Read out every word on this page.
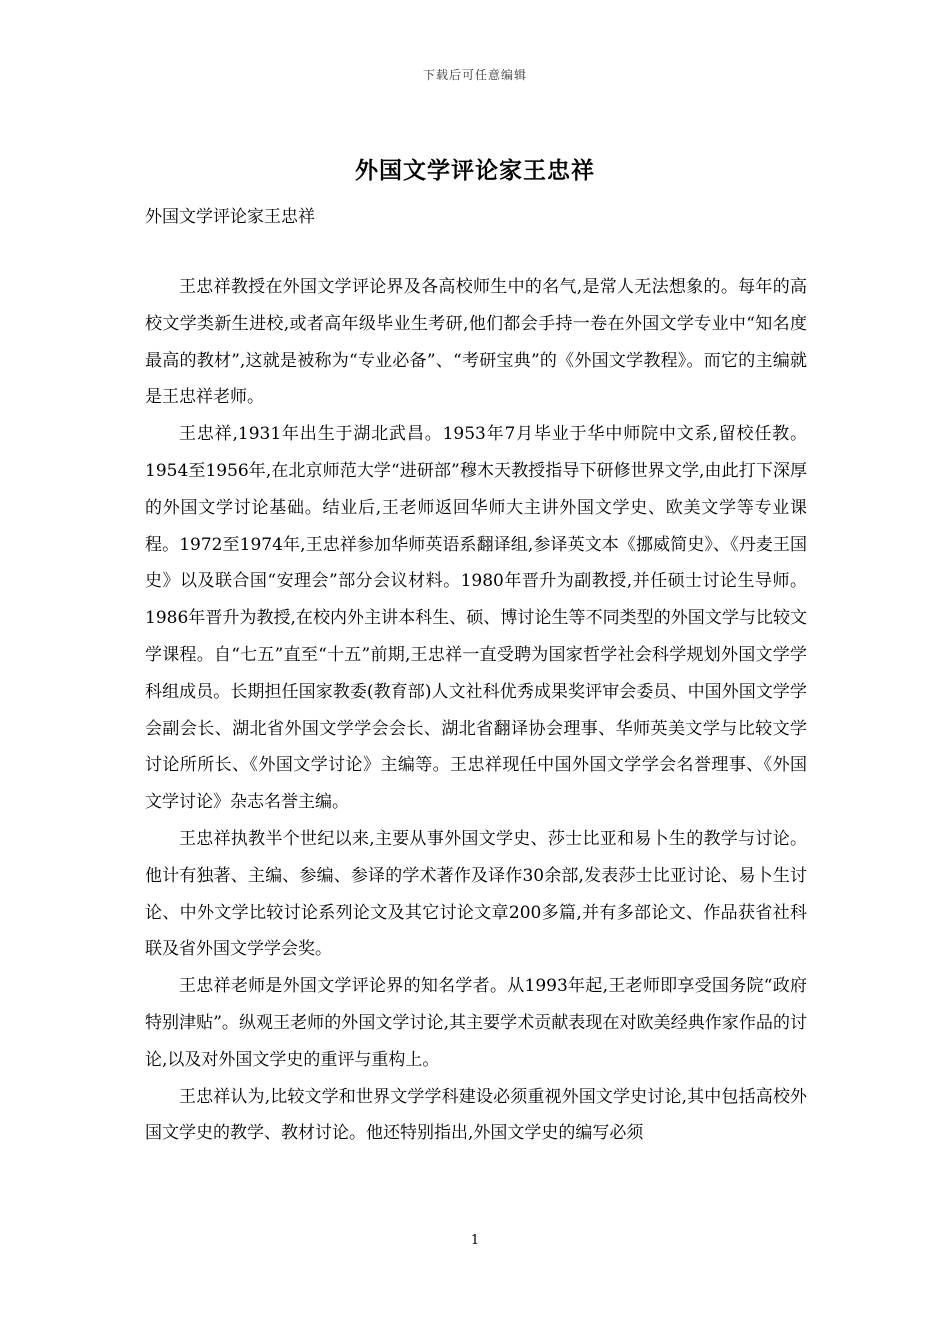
下载后可任意编辑
外国文学评论家王忠祥
外国文学评论家王忠祥

王忠祥教授在外国文学评论界及各高校师生中的名气,是常人无法想象的。每年的高校文学类新生进校,或者高年级毕业生考研,他们都会手持一卷在外国文学专业中“知名度最高的教材”,这就是被称为“专业必备”、“考研宝典”的《外国文学教程》。而它的主编就是王忠祥老师。

王忠祥,1931年出生于湖北武昌。1953年7月毕业于华中师院中文系,留校任教。1954至1956年,在北京师范大学“进研部”穆木天教授指导下研修世界文学,由此打下深厚的外国文学讨论基础。结业后,王老师返回华师大主讲外国文学史、欧美文学等专业课程。1972至1974年,王忠祥参加华师英语系翻译组,参译英文本《挪威简史》、《丹麦王国史》以及联合国“安理会”部分会议材料。1980年晋升为副教授,并任硕士讨论生导师。1986年晋升为教授,在校内外主讲本科生、硕、博讨论生等不同类型的外国文学与比较文学课程。自“七五”直至“十五”前期,王忠祥一直受聘为国家哲学社会科学规划外国文学学科组成员。长期担任国家教委(教育部)人文社科优秀成果奖评审会委员、中国外国文学学会副会长、湖北省外国文学学会会长、湖北省翻译协会理事、华师英美文学与比较文学讨论所所长、《外国文学讨论》主编等。王忠祥现任中国外国文学学会名誉理事、《外国文学讨论》杂志名誉主编。

王忠祥执教半个世纪以来,主要从事外国文学史、莎士比亚和易卜生的教学与讨论。他计有独著、主编、参编、参译的学术著作及译作30余部,发表莎士比亚讨论、易卜生讨论、中外文学比较讨论系列论文及其它讨论文章200多篇,并有多部论文、作品获省社科联及省外国文学学会奖。

王忠祥老师是外国文学评论界的知名学者。从1993年起,王老师即享受国务院“政府特别津贴”。纵观王老师的外国文学讨论,其主要学术贡献表现在对欧美经典作家作品的讨论,以及对外国文学史的重评与重构上。

王忠祥认为,比较文学和世界文学学科建设必须重视外国文学史讨论,其中包括高校外国文学史的教学、教材讨论。他还特别指出,外国文学史的编写必须

1
